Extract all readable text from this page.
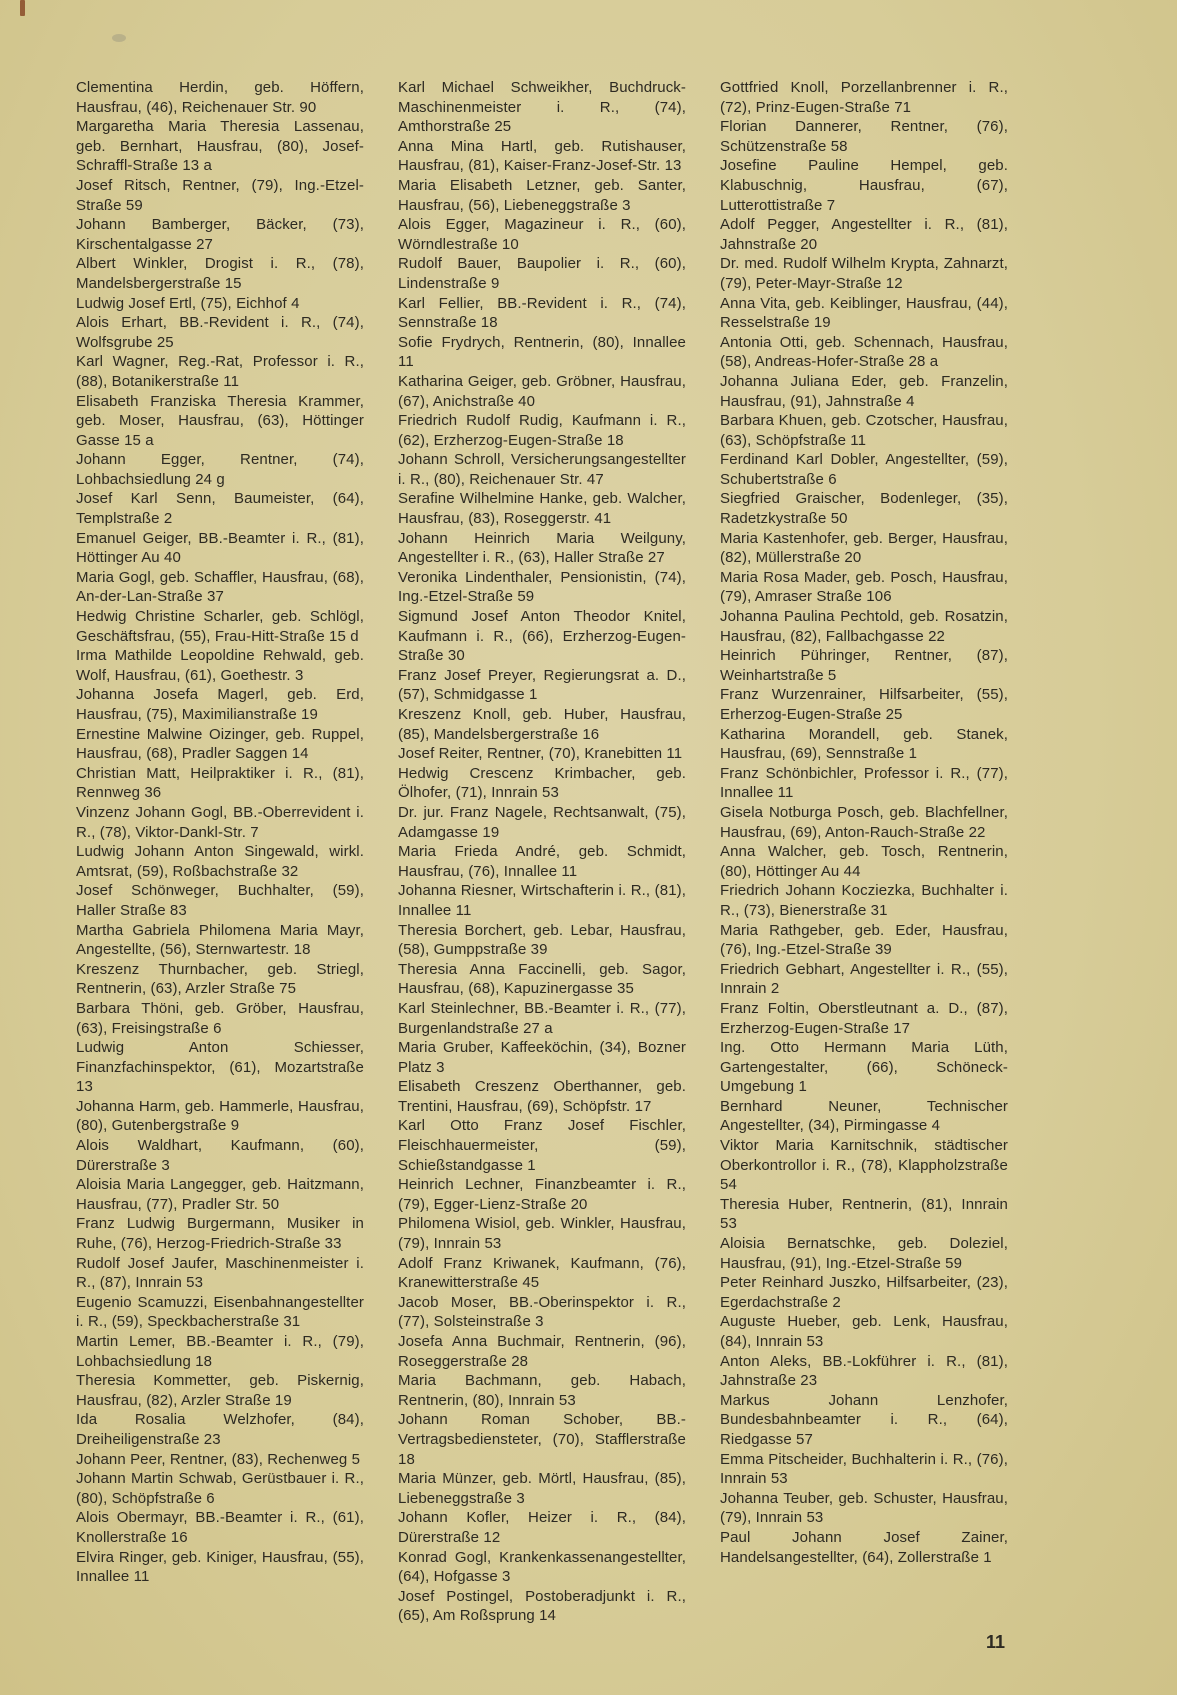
Clementina Herdin, geb. Höffern, Hausfrau, (46), Reichenauer Str. 90

Margaretha Maria Theresia Lassenau, geb. Bernhart, Hausfrau, (80), Josef-Schraffl-Straße 13 a

Josef Ritsch, Rentner, (79), Ing.-Etzel-Straße 59

Johann Bamberger, Bäcker, (73), Kirschentalgasse 27

Albert Winkler, Drogist i. R., (78), Mandelsbergerstraße 15

Ludwig Josef Ertl, (75), Eichhof 4

Alois Erhart, BB.-Revident i. R., (74), Wolfsgrube 25

Karl Wagner, Reg.-Rat, Professor i. R., (88), Botanikerstraße 11

Elisabeth Franziska Theresia Krammer, geb. Moser, Hausfrau, (63), Höttinger Gasse 15 a

Johann Egger, Rentner, (74), Lohbachsiedlung 24 g

Josef Karl Senn, Baumeister, (64), Templstraße 2

Emanuel Geiger, BB.-Beamter i. R., (81), Höttinger Au 40

Maria Gogl, geb. Schaffler, Hausfrau, (68), An-der-Lan-Straße 37

Hedwig Christine Scharler, geb. Schlögl, Geschäftsfrau, (55), Frau-Hitt-Straße 15 d

Irma Mathilde Leopoldine Rehwald, geb. Wolf, Hausfrau, (61), Goethestr. 3

Johanna Josefa Magerl, geb. Erd, Hausfrau, (75), Maximilianstraße 19

Ernestine Malwine Oizinger, geb. Ruppel, Hausfrau, (68), Pradler Saggen 14

Christian Matt, Heilpraktiker i. R., (81), Rennweg 36

Vinzenz Johann Gogl, BB.-Oberrevident i. R., (78), Viktor-Dankl-Str. 7

Ludwig Johann Anton Singewald, wirkl. Amtsrat, (59), Roßbachstraße 32

Josef Schönweger, Buchhalter, (59), Haller Straße 83

Martha Gabriela Philomena Maria Mayr, Angestellte, (56), Sternwartestr. 18

Kreszenz Thurnbacher, geb. Striegl, Rentnerin, (63), Arzler Straße 75

Barbara Thöni, geb. Gröber, Hausfrau, (63), Freisingstraße 6

Ludwig Anton Schiesser, Finanzfachinspektor, (61), Mozartstraße 13

Johanna Harm, geb. Hammerle, Hausfrau, (80), Gutenbergstraße 9

Alois Waldhart, Kaufmann, (60), Dürerstraße 3

Aloisia Maria Langegger, geb. Haitzmann, Hausfrau, (77), Pradler Str. 50

Franz Ludwig Burgermann, Musiker in Ruhe, (76), Herzog-Friedrich-Straße 33

Rudolf Josef Jaufer, Maschinenmeister i. R., (87), Innrain 53

Eugenio Scamuzzi, Eisenbahnangestellter i. R., (59), Speckbacherstraße 31

Martin Lemer, BB.-Beamter i. R., (79), Lohbachsiedlung 18

Theresia Kommetter, geb. Piskernig, Hausfrau, (82), Arzler Straße 19

Ida Rosalia Welzhofer, (84), Dreiheiligenstraße 23

Johann Peer, Rentner, (83), Rechenweg 5

Johann Martin Schwab, Gerüstbauer i. R., (80), Schöpfstraße 6

Alois Obermayr, BB.-Beamter i. R., (61), Knollerstraße 16

Elvira Ringer, geb. Kiniger, Hausfrau, (55), Innallee 11

Karl Michael Schweikher, Buchdruck-Maschinenmeister i. R., (74), Amthorstraße 25

Anna Mina Hartl, geb. Rutishauser, Hausfrau, (81), Kaiser-Franz-Josef-Str. 13

Maria Elisabeth Letzner, geb. Santer, Hausfrau, (56), Liebeneggstraße 3

Alois Egger, Magazineur i. R., (60), Wörndlestraße 10

Rudolf Bauer, Baupolier i. R., (60), Lindenstraße 9

Karl Fellier, BB.-Revident i. R., (74), Sennstraße 18

Sofie Frydrych, Rentnerin, (80), Innallee 11

Katharina Geiger, geb. Gröbner, Hausfrau, (67), Anichstraße 40

Friedrich Rudolf Rudig, Kaufmann i. R., (62), Erzherzog-Eugen-Straße 18

Johann Schroll, Versicherungsangestellter i. R., (80), Reichenauer Str. 47

Serafine Wilhelmine Hanke, geb. Walcher, Hausfrau, (83), Roseggerstr. 41

Johann Heinrich Maria Weilguny, Angestellter i. R., (63), Haller Straße 27

Veronika Lindenthaler, Pensionistin, (74), Ing.-Etzel-Straße 59

Sigmund Josef Anton Theodor Knitel, Kaufmann i. R., (66), Erzherzog-Eugen-Straße 30

Franz Josef Preyer, Regierungsrat a. D., (57), Schmidgasse 1

Kreszenz Knoll, geb. Huber, Hausfrau, (85), Mandelsbergerstraße 16

Josef Reiter, Rentner, (70), Kranebitten 11

Hedwig Crescenz Krimbacher, geb. Ölhofer, (71), Innrain 53

Dr. jur. Franz Nagele, Rechtsanwalt, (75), Adamgasse 19

Maria Frieda André, geb. Schmidt, Hausfrau, (76), Innallee 11

Johanna Riesner, Wirtschafterin i. R., (81), Innallee 11

Theresia Borchert, geb. Lebar, Hausfrau, (58), Gumppstraße 39

Theresia Anna Faccinelli, geb. Sagor, Hausfrau, (68), Kapuzinergasse 35

Karl Steinlechner, BB.-Beamter i. R., (77), Burgenlandstraße 27 a

Maria Gruber, Kaffeeköchin, (34), Bozner Platz 3

Elisabeth Creszenz Oberthanner, geb. Trentini, Hausfrau, (69), Schöpfstr. 17

Karl Otto Franz Josef Fischler, Fleischhauermeister, (59), Schießstandgasse 1

Heinrich Lechner, Finanzbeamter i. R., (79), Egger-Lienz-Straße 20

Philomena Wisiol, geb. Winkler, Hausfrau, (79), Innrain 53

Adolf Franz Kriwanek, Kaufmann, (76), Kranewitterstraße 45

Jacob Moser, BB.-Oberinspektor i. R., (77), Solsteinstraße 3

Josefa Anna Buchmair, Rentnerin, (96), Roseggerstraße 28

Maria Bachmann, geb. Habach, Rentnerin, (80), Innrain 53

Johann Roman Schober, BB.-Vertragsbediensteter, (70), Stafflerstraße 18

Maria Münzer, geb. Mörtl, Hausfrau, (85), Liebeneggstraße 3

Johann Kofler, Heizer i. R., (84), Dürerstraße 12

Konrad Gogl, Krankenkassenangestellter, (64), Hofgasse 3

Josef Postingel, Postoberadjunkt i. R., (65), Am Roßsprung 14

Gottfried Knoll, Porzellanbrenner i. R., (72), Prinz-Eugen-Straße 71

Florian Dannerer, Rentner, (76), Schützenstraße 58

Josefine Pauline Hempel, geb. Klabuschnig, Hausfrau, (67), Lutterottistraße 7

Adolf Pegger, Angestellter i. R., (81), Jahnstraße 20

Dr. med. Rudolf Wilhelm Krypta, Zahnarzt, (79), Peter-Mayr-Straße 12

Anna Vita, geb. Keiblinger, Hausfrau, (44), Resselstraße 19

Antonia Otti, geb. Schennach, Hausfrau, (58), Andreas-Hofer-Straße 28 a

Johanna Juliana Eder, geb. Franzelin, Hausfrau, (91), Jahnstraße 4

Barbara Khuen, geb. Czotscher, Hausfrau, (63), Schöpfstraße 11

Ferdinand Karl Dobler, Angestellter, (59), Schubertstraße 6

Siegfried Graischer, Bodenleger, (35), Radetzkystraße 50

Maria Kastenhofer, geb. Berger, Hausfrau, (82), Müllerstraße 20

Maria Rosa Mader, geb. Posch, Hausfrau, (79), Amraser Straße 106

Johanna Paulina Pechtold, geb. Rosatzin, Hausfrau, (82), Fallbachgasse 22

Heinrich Pühringer, Rentner, (87), Weinhartstraße 5

Franz Wurzenrainer, Hilfsarbeiter, (55), Erherzog-Eugen-Straße 25

Katharina Morandell, geb. Stanek, Hausfrau, (69), Sennstraße 1

Franz Schönbichler, Professor i. R., (77), Innallee 11

Gisela Notburga Posch, geb. Blachfellner, Hausfrau, (69), Anton-Rauch-Straße 22

Anna Walcher, geb. Tosch, Rentnerin, (80), Höttinger Au 44

Friedrich Johann Kocziezka, Buchhalter i. R., (73), Bienerstraße 31

Maria Rathgeber, geb. Eder, Hausfrau, (76), Ing.-Etzel-Straße 39

Friedrich Gebhart, Angestellter i. R., (55), Innrain 2

Franz Foltin, Oberstleutnant a. D., (87), Erzherzog-Eugen-Straße 17

Ing. Otto Hermann Maria Lüth, Gartengestalter, (66), Schöneck-Umgebung 1

Bernhard Neuner, Technischer Angestellter, (34), Pirmingasse 4

Viktor Maria Karnitschnik, städtischer Oberkontrollor i. R., (78), Klappholzstraße 54

Theresia Huber, Rentnerin, (81), Innrain 53

Aloisia Bernatschke, geb. Doleziel, Hausfrau, (91), Ing.-Etzel-Straße 59

Peter Reinhard Juszko, Hilfsarbeiter, (23), Egerdachstraße 2

Auguste Hueber, geb. Lenk, Hausfrau, (84), Innrain 53

Anton Aleks, BB.-Lokführer i. R., (81), Jahnstraße 23

Markus Johann Lenzhofer, Bundesbahnbeamter i. R., (64), Riedgasse 57

Emma Pitscheider, Buchhalterin i. R., (76), Innrain 53

Johanna Teuber, geb. Schuster, Hausfrau, (79), Innrain 53

Paul Johann Josef Zainer, Handelsangestellter, (64), Zollerstraße 1

11
